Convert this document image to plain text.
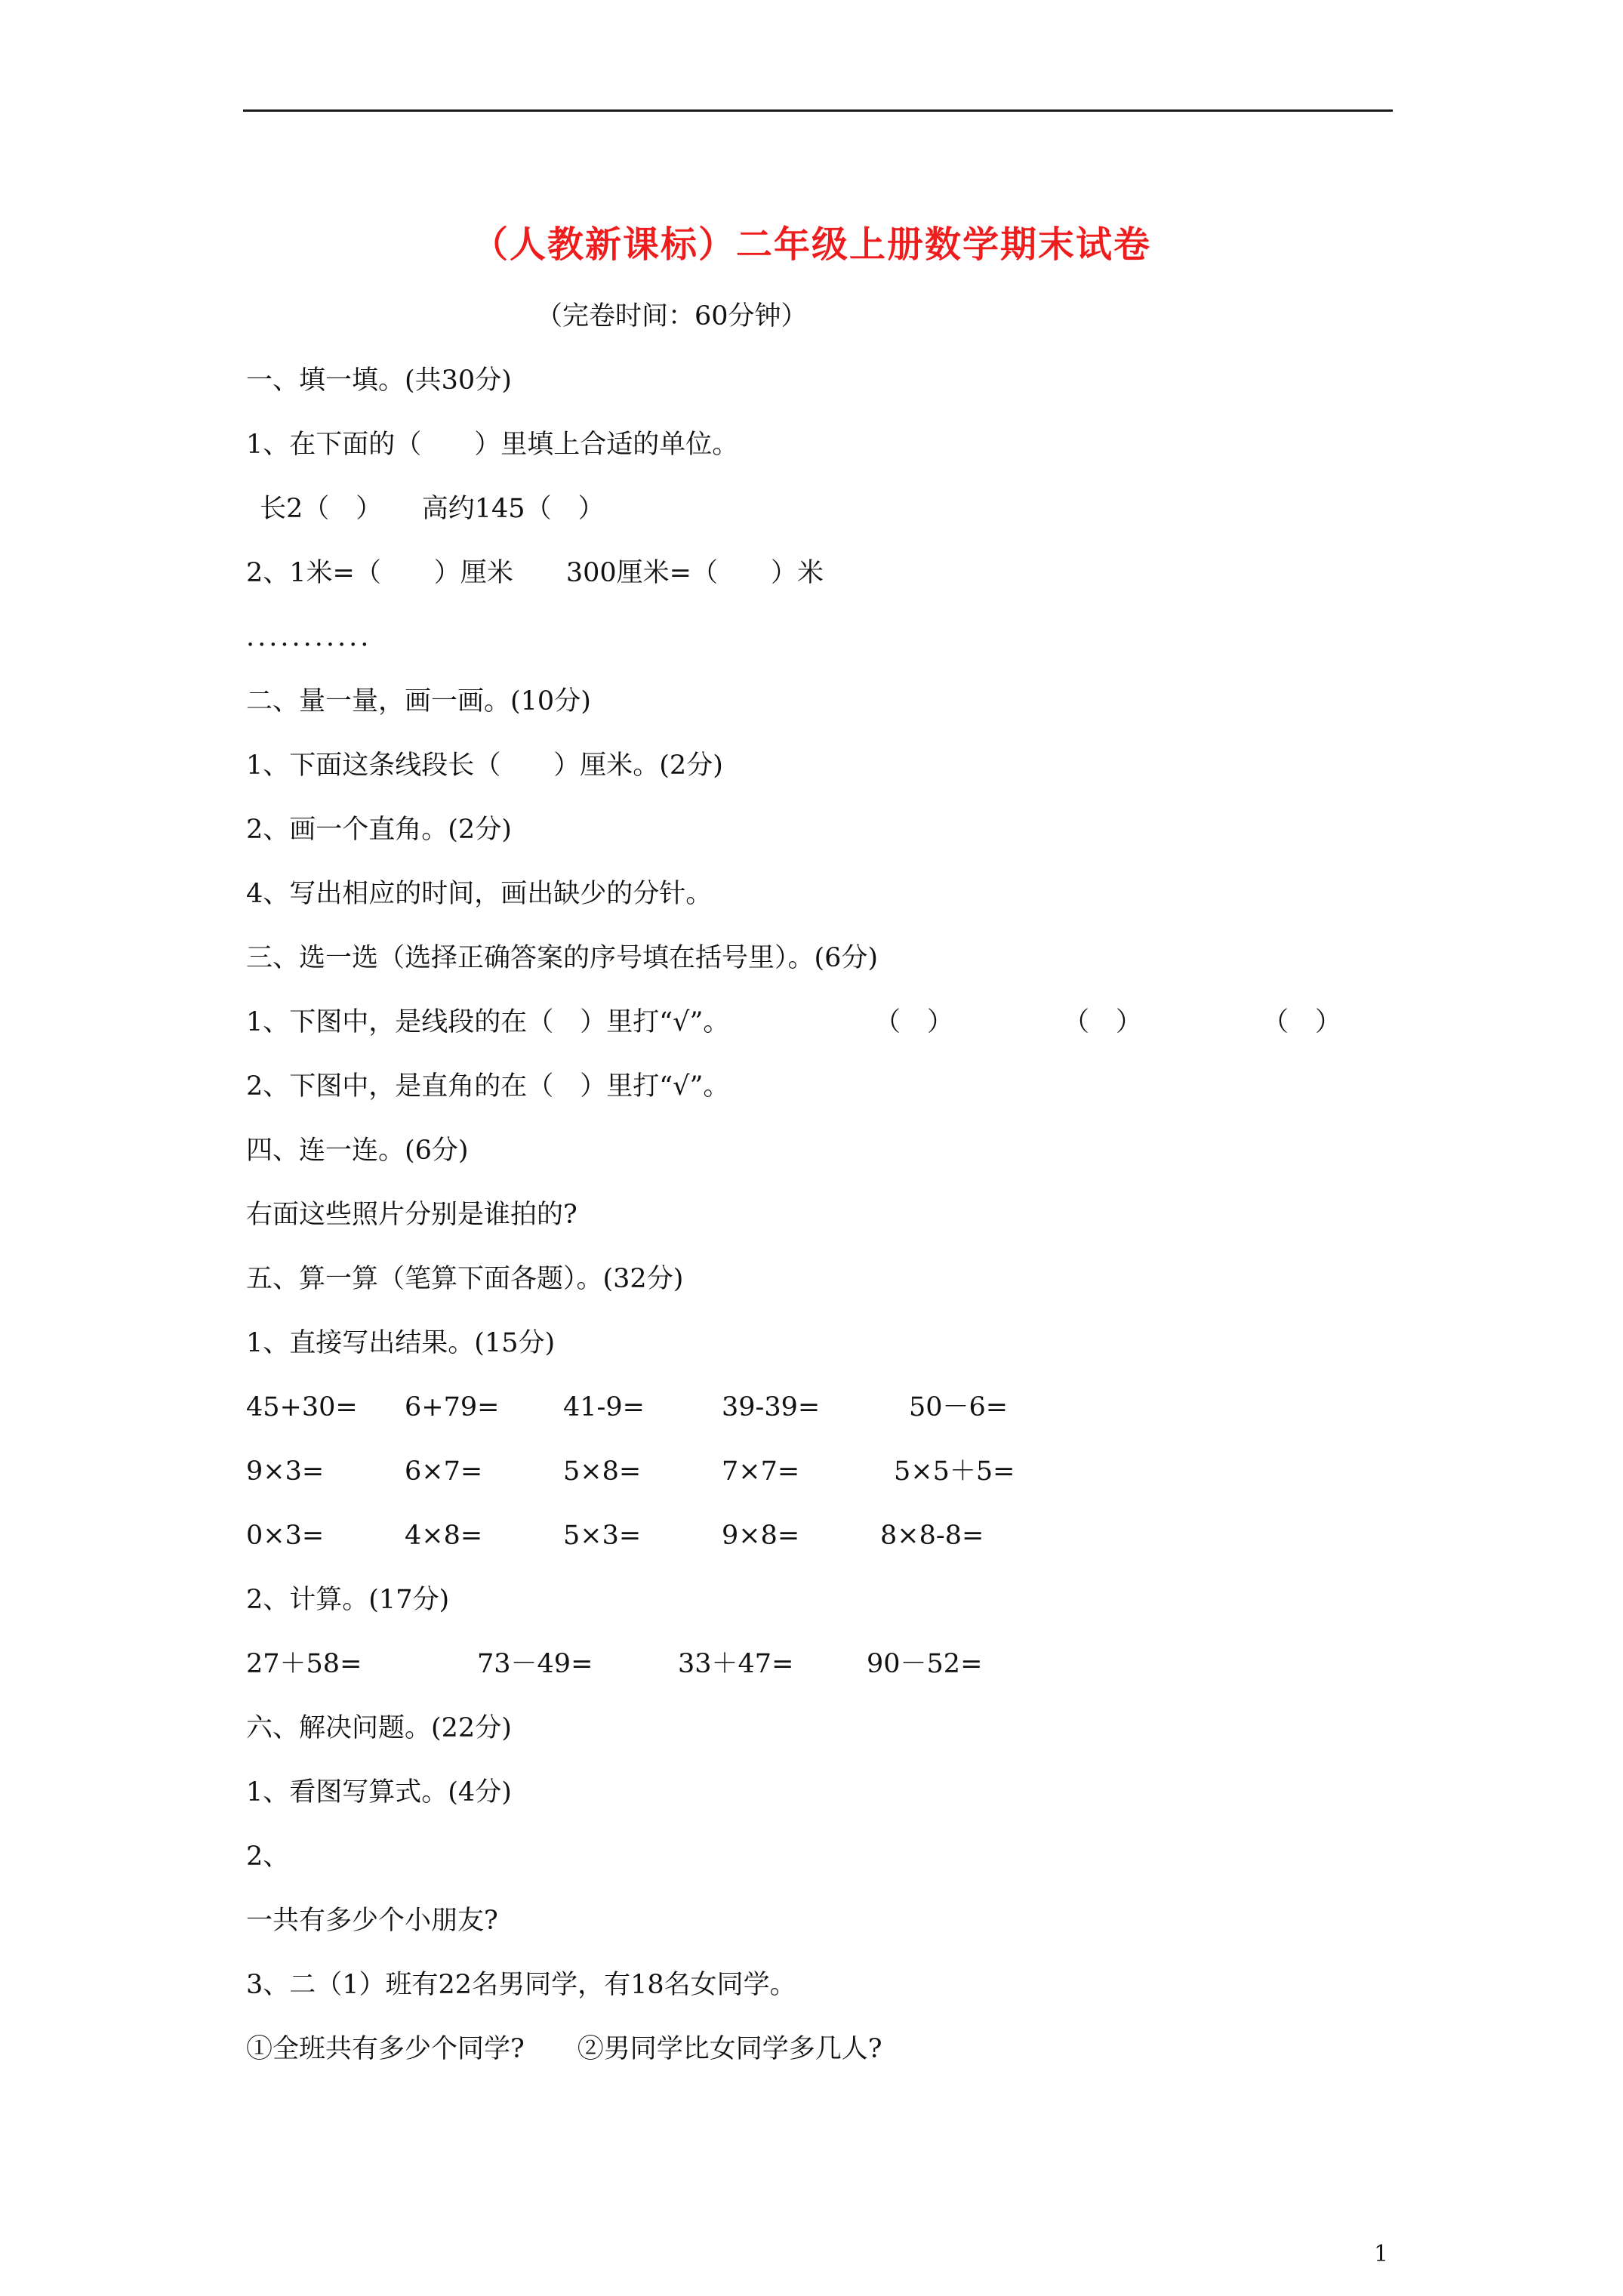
（人教新课标）二年级上册数学期末试卷
（完卷时间：60分钟）
一、填一填。(共30分)
1、在下面的（　　）里填上合适的单位。
长2（　）　　高约145（　）
2、1米=（　　）厘米　　300厘米=（　　）米
...........
二、量一量，画一画。(10分)
1、下面这条线段长（　　）厘米。(2分)
2、画一个直角。(2分)
4、写出相应的时间，画出缺少的分针。
三、选一选（选择正确答案的序号填在括号里）。(6分)
1、下图中，是线段的在（　）里打“√”。	（　）	（　）	（　）
2、下图中，是直角的在（　）里打“√”。
四、连一连。(6分)
右面这些照片分别是谁拍的?
五、算一算（笔算下面各题）。(32分)
1、直接写出结果。(15分)
45+30= 6+79= 41-9=	39-39=	50－6=
9×3=	6×7=	5×8=	7×7=	5×5＋5=
0×3=	4×8=	5×3=	9×8=	8×8-8=
2、计算。(17分)
27＋58=	73－49=	33＋47=	90－52=
六、解决问题。(22分)
1、看图写算式。(4分)
2、
一共有多少个小朋友?
3、二（1）班有22名男同学，有18名女同学。
①全班共有多少个同学?　　②男同学比女同学多几人?
1
